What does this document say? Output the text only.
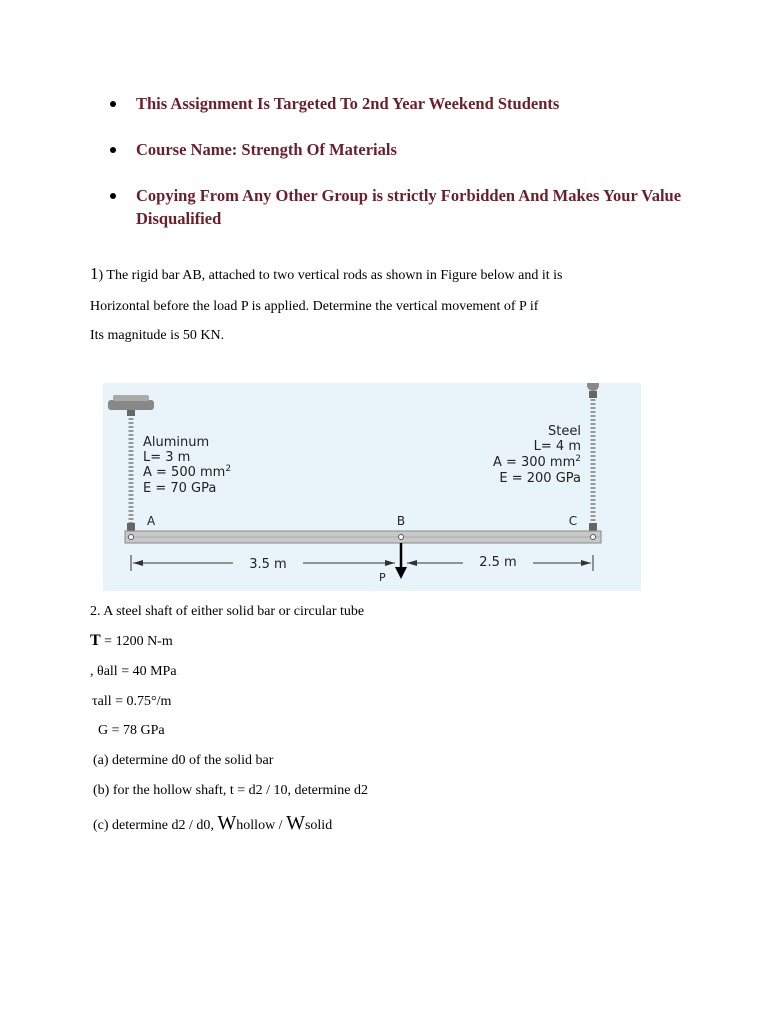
This Assignment Is Targeted To 2nd Year Weekend Students
Course Name: Strength Of Materials
Copying From Any Other Group is strictly Forbidden And Makes Your Value Disqualified
1) The rigid bar AB, attached to two vertical rods as shown in Figure below and it is
Horizontal before the load P is applied. Determine the vertical movement of P if
Its magnitude is 50 KN.
Aluminum
L= 3 m
A = 500 $mm^2$
E = 70 GPa
Steel
L= 4 m
A = 300 $mm^2$
E = 200 GPa
A	B	C
3.5 m	2.5 m
P
2. A steel shaft of either solid bar or circular tube
T = 1200 N-m
, θall = 40 MPa
τall = 0.75°/m
G = 78 GPa
(a) determine d0 of the solid bar
(b) for the hollow shaft, t = d2 / 10, determine d2
(c) determine d2 / d0, Whollow / Wsolid
